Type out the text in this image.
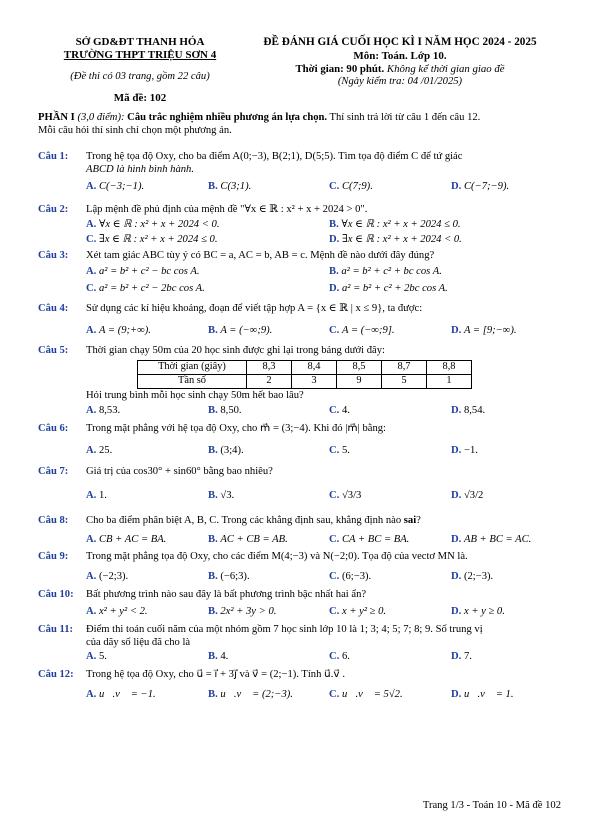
SỞ GD&ĐT THANH HÓA
TRƯỜNG THPT TRIỆU SƠN 4
(Đề thi có 03 trang, gồm 22 câu)
Mã đề: 102
ĐỀ ĐÁNH GIÁ CUỐI HỌC KÌ I NĂM HỌC 2024 - 2025
Môn: Toán. Lớp 10.
Thời gian: 90 phút. Không kể thời gian giao đề
(Ngày kiểm tra: 04 /01/2025)
PHẦN I (3,0 điểm): Câu trắc nghiệm nhiều phương án lựa chọn. Thí sinh trả lời từ câu 1 đến câu 12.
Mỗi câu hỏi thí sinh chỉ chọn một phương án.
Câu 1:	Trong hệ tọa độ Oxy, cho ba điểm A(0;−3), B(2;1), D(5;5). Tìm tọa độ điểm C để tứ giác
ABCD là hình bình hành.
A. C(−3;−1).	B. C(3;1).	C. C(7;9).	D. C(−7;−9).
Câu 2:	Lập mệnh đề phủ định của mệnh đề "∀x ∈ ℝ : x² + x + 2024 > 0".
A. ∀x ∈ ℝ : x² + x + 2024 < 0.	B. ∀x ∈ ℝ : x² + x + 2024 ≤ 0.
C. ∃x ∈ ℝ : x² + x + 2024 ≤ 0.	D. ∃x ∈ ℝ : x² + x + 2024 < 0.
Câu 3:	Xét tam giác ABC tùy ý có BC = a, AC = b, AB = c. Mệnh đề nào dưới đây đúng?
A. a² = b² + c² − bc cos A.	B. a² = b² + c² + bc cos A.
C. a² = b² + c² − 2bc cos A.	D. a² = b² + c² + 2bc cos A.
Câu 4:	Sử dụng các kí hiệu khoảng, đoạn để viết tập hợp A = {x ∈ ℝ | x ≤ 9}, ta được:
A. A = (9;+∞).	B. A = (−∞;9).	C. A = (−∞;9].	D. A = [9;−∞).
Câu 5:	Thời gian chạy 50m của 20 học sinh được ghi lại trong bảng dưới đây:
Hỏi trung bình mỗi học sinh chạy 50m hết bao lâu?
A. 8,53.	B. 8,50.	C. 4.	D. 8,54.
Thời gian (giây)	8,3	8,4	8,5	8,7	8,8
Tần số	2	3	9	5	1
Câu 6:	Trong mặt phẳng với hệ tọa độ Oxy, cho m⃗ = (3;−4). Khi đó |m⃗| bằng:
A. 25.	B. (3;4).	C. 5.	D. −1.
Câu 7:	Giá trị của cos30° + sin60° bằng bao nhiêu?
A. 1.	B. √3.	C. √3/3	D. √3/2
Câu 8:	Cho ba điểm phân biệt A, B, C. Trong các khẳng định sau, khẳng định nào sai?
A. CB + AC = BA.	B. AC + CB = AB.	C. CA + BC = BA.	D. AB + BC = AC.
Câu 9:	Trong mặt phẳng tọa độ Oxy, cho các điểm M(4;−3) và N(−2;0). Tọa độ của vectơ MN là.
A. (−2;3).	B. (−6;3).	C. (6;−3).	D. (2;−3).
Câu 10:	Bất phương trình nào sau đây là bất phương trình bậc nhất hai ẩn?
A. x² + y² < 2.	B. 2x² + 3y > 0.	C. x + y² ≥ 0.	D. x + y ≥ 0.
Câu 11:	Điểm thi toán cuối năm của một nhóm gồm 7 học sinh lớp 10 là 1; 3; 4; 5; 7; 8; 9. Số trung vị
của dãy số liệu đã cho là
A. 5.	B. 4.	C. 6.	D. 7.
Câu 12:	Trong hệ tọa độ Oxy, cho u⃗ = i⃗ + 3j⃗ và v⃗ = (2;−1). Tính u⃗.v⃗ .
A. u⃗.v⃗ = −1.	B. u⃗.v⃗ = (2;−3).	C. u⃗.v⃗ = 5√2.	D. u⃗.v⃗ = 1.
Trang 1/3 - Toán 10 - Mã đề 102
